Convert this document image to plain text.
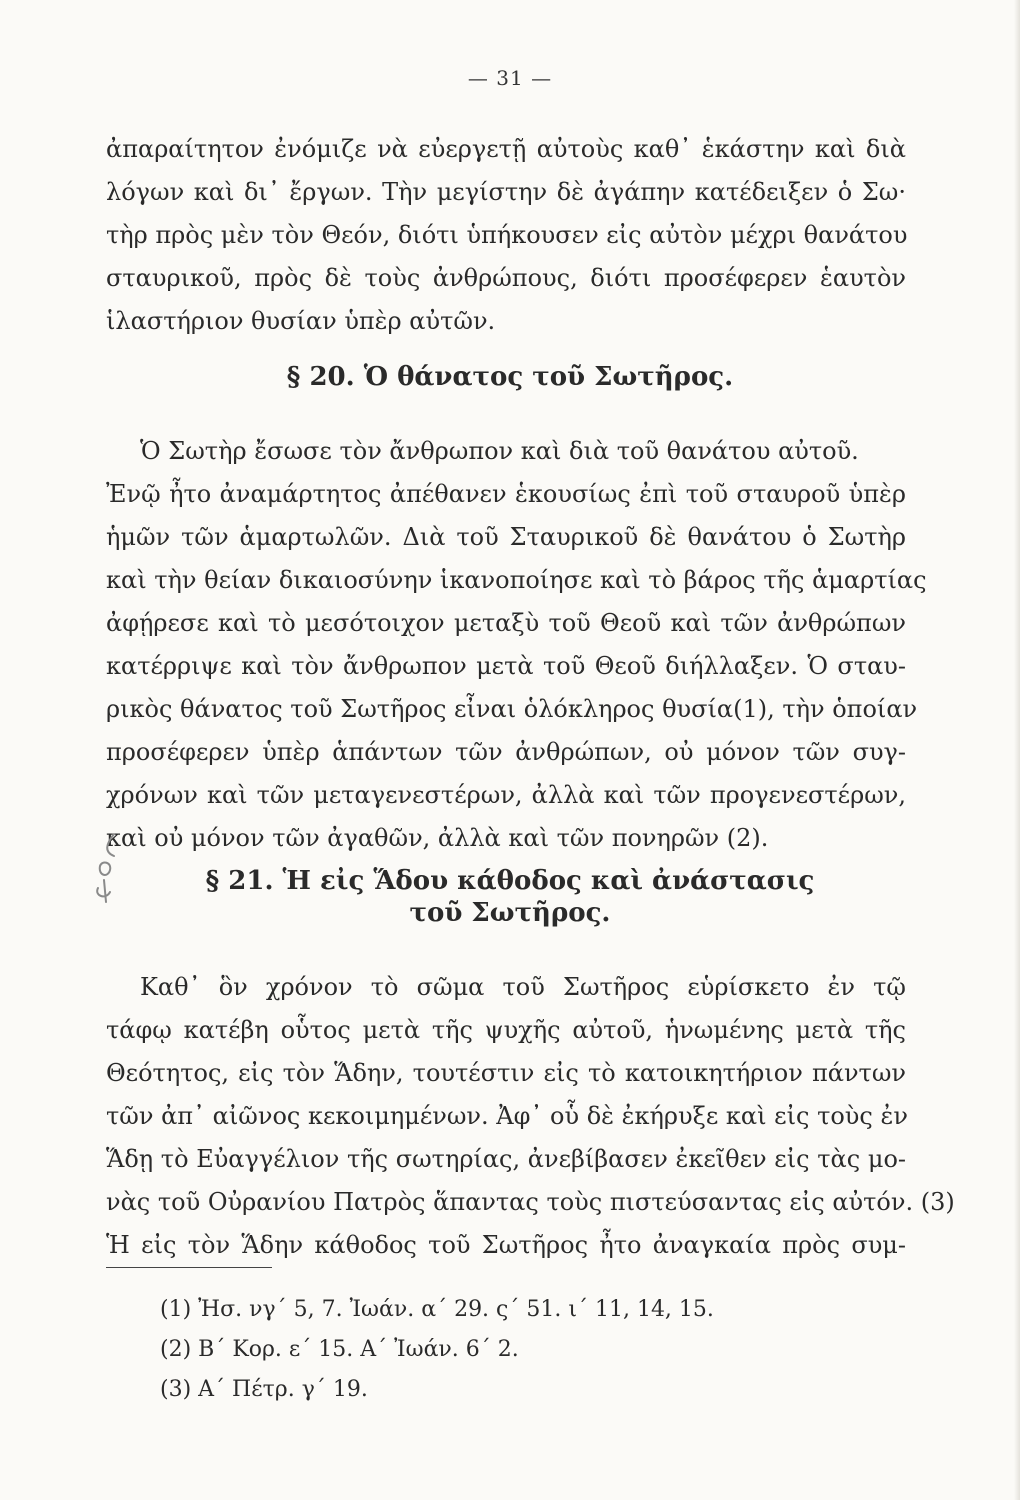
— 31 —
ἀπαραίτητον ἐνόμιζε νὰ εὐεργετῇ αὐτοὺς καθ᾿ ἑκάστην καὶ διὰ
λόγων καὶ δι᾿ ἔργων. Τὴν μεγίστην δὲ ἀγάπην κατέδειξεν ὁ Σω·
τὴρ πρὸς μὲν τὸν Θεόν, διότι ὑπήκουσεν εἰς αὐτὸν μέχρι θανάτου
σταυρικοῦ, πρὸς δὲ τοὺς ἀνθρώπους, διότι προσέφερεν ἑαυτὸν
ἱλαστήριον θυσίαν ὑπὲρ αὐτῶν.
§ 20. Ὁ θάνατος τοῦ Σωτῆρος.
Ὁ Σωτὴρ ἔσωσε τὸν ἄνθρωπον καὶ διὰ τοῦ θανάτου αὐτοῦ.
Ἐνῷ ἦτο ἀναμάρτητος ἀπέθανεν ἑκουσίως ἐπὶ τοῦ σταυροῦ ὑπὲρ
ἡμῶν τῶν ἁμαρτωλῶν. Διὰ τοῦ Σταυρικοῦ δὲ θανάτου ὁ Σωτὴρ
καὶ τὴν θείαν δικαιοσύνην ἱκανοποίησε καὶ τὸ βάρος τῆς ἁμαρτίας
ἀφῄρεσε καὶ τὸ μεσότοιχον μεταξὺ τοῦ Θεοῦ καὶ τῶν ἀνθρώπων
κατέρριψε καὶ τὸν ἄνθρωπον μετὰ τοῦ Θεοῦ διήλλαξεν. Ὁ σταυ-
ρικὸς θάνατος τοῦ Σωτῆρος εἶναι ὁλόκληρος θυσία(1), τὴν ὁποίαν
προσέφερεν ὑπὲρ ἁπάντων τῶν ἀνθρώπων, οὐ μόνον τῶν συγ-
χρόνων καὶ τῶν μεταγενεστέρων, ἀλλὰ καὶ τῶν προγενεστέρων,
καὶ οὐ μόνον τῶν ἀγαθῶν, ἀλλὰ καὶ τῶν πονηρῶν (2).
§ 21. Ἡ εἰς Ἅδου κάθοδος καὶ ἀνάστασις
τοῦ Σωτῆρος.
Καθ᾿ ὃν χρόνον τὸ σῶμα τοῦ Σωτῆρος εὑρίσκετο ἐν τῷ
τάφῳ κατέβη οὗτος μετὰ τῆς ψυχῆς αὐτοῦ, ἡνωμένης μετὰ τῆς
Θεότητος, εἰς τὸν Ἅδην, τουτέστιν εἰς τὸ κατοικητήριον πάντων
τῶν ἀπ᾿ αἰῶνος κεκοιμημένων. Ἀφ᾿ οὗ δὲ ἐκήρυξε καὶ εἰς τοὺς ἐν
Ἅδῃ τὸ Εὐαγγέλιον τῆς σωτηρίας, ἀνεβίβασεν ἐκεῖθεν εἰς τὰς μο-
νὰς τοῦ Οὐρανίου Πατρὸς ἅπαντας τοὺς πιστεύσαντας εἰς αὐτόν. (3)
Ἡ εἰς τὸν Ἅδην κάθοδος τοῦ Σωτῆρος ἦτο ἀναγκαία πρὸς συμ-
(1) Ἠσ. νγ΄ 5, 7. Ἰωάν. α΄ 29. ς΄ 51. ι΄ 11, 14, 15.
(2) Β΄ Κορ. ε΄ 15. Α΄ Ἰωάν. 6΄ 2.
(3) Α΄ Πέτρ. γ΄ 19.
